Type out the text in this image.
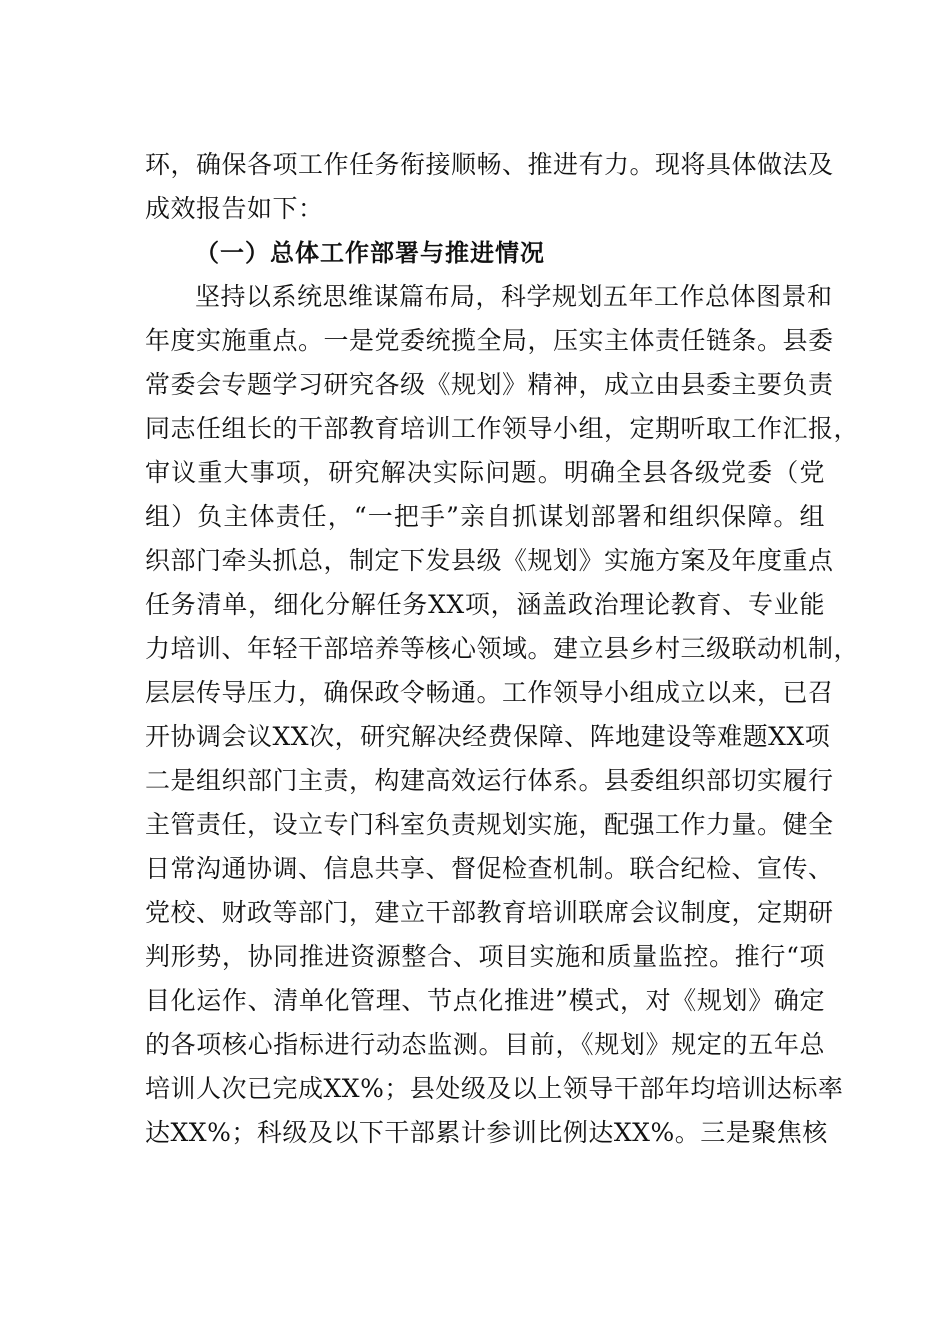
环，确保各项工作任务衔接顺畅、推进有力。现将具体做法及
成效报告如下：
（一）总体工作部署与推进情况
坚持以系统思维谋篇布局，科学规划五年工作总体图景和
年度实施重点。一是党委统揽全局，压实主体责任链条。县委
常委会专题学习研究各级《规划》精神，成立由县委主要负责
同志任组长的干部教育培训工作领导小组，定期听取工作汇报，
审议重大事项，研究解决实际问题。明确全县各级党委（党
组）负主体责任，“一把手”亲自抓谋划部署和组织保障。组
织部门牵头抓总，制定下发县级《规划》实施方案及年度重点
任务清单，细化分解任务XX项，涵盖政治理论教育、专业能
力培训、年轻干部培养等核心领域。建立县乡村三级联动机制，
层层传导压力，确保政令畅通。工作领导小组成立以来，已召
开协调会议XX次，研究解决经费保障、阵地建设等难题XX项
二是组织部门主责，构建高效运行体系。县委组织部切实履行
主管责任，设立专门科室负责规划实施，配强工作力量。健全
日常沟通协调、信息共享、督促检查机制。联合纪检、宣传、
党校、财政等部门，建立干部教育培训联席会议制度，定期研
判形势，协同推进资源整合、项目实施和质量监控。推行“项
目化运作、清单化管理、节点化推进”模式，对《规划》确定
的各项核心指标进行动态监测。目前，《规划》规定的五年总
培训人次已完成XX%；县处级及以上领导干部年均培训达标率
达XX%；科级及以下干部累计参训比例达XX%。三是聚焦核
